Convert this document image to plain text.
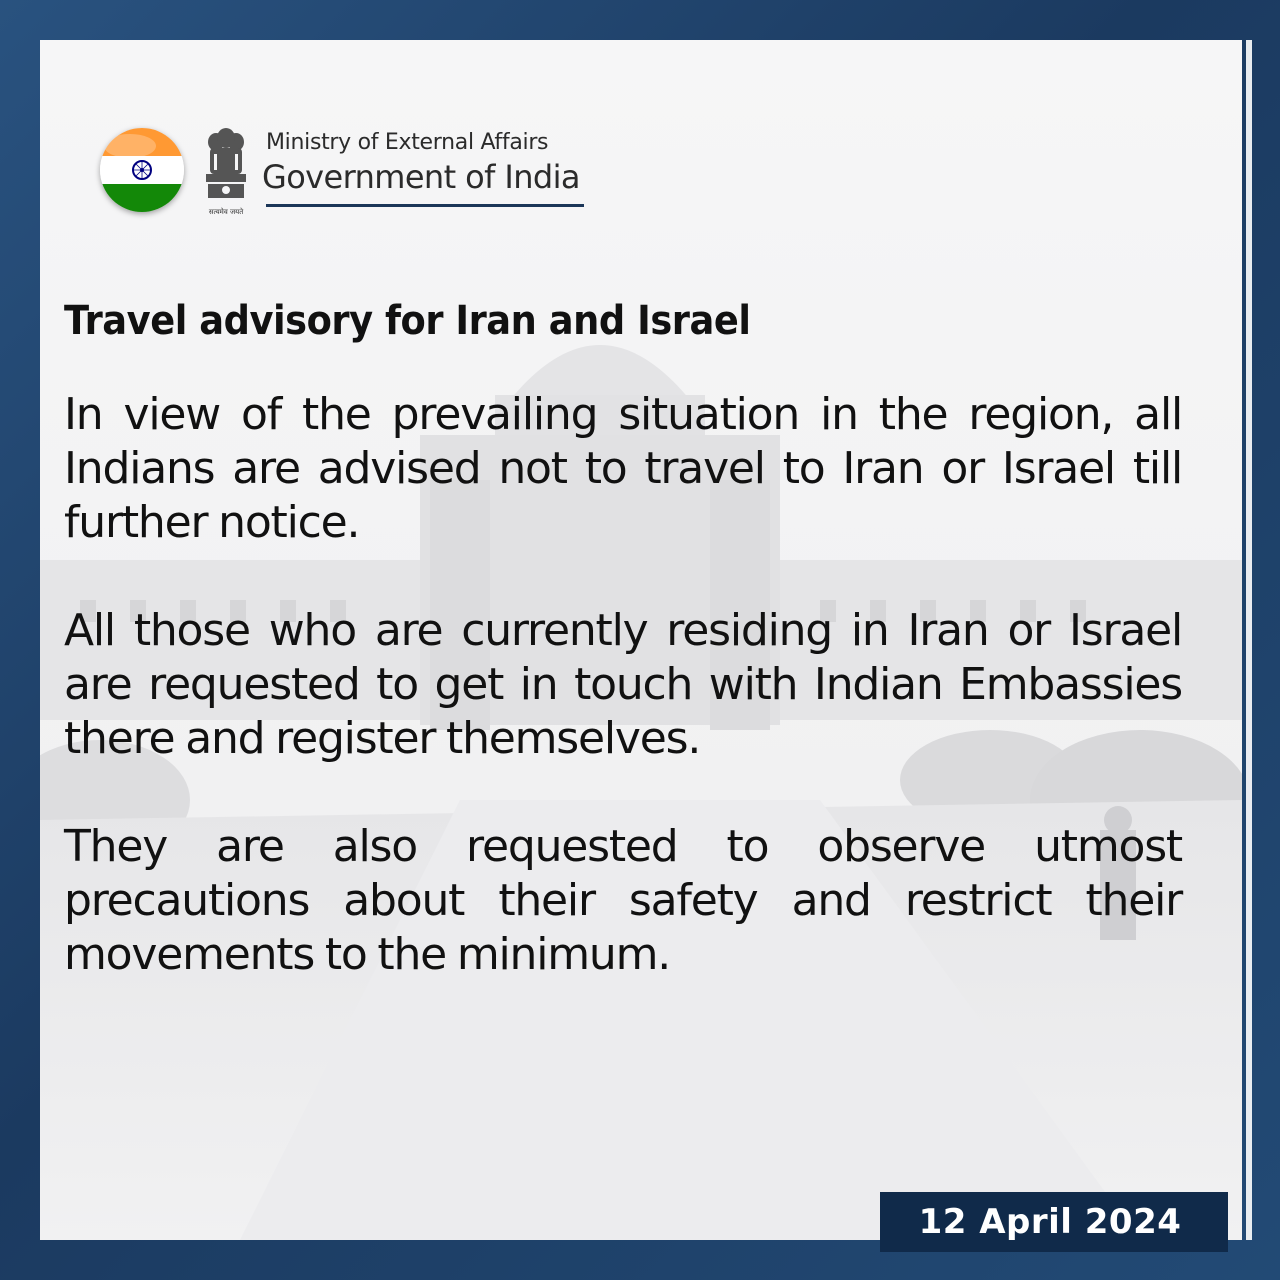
सत्यमेव जयते
Ministry of External Affairs
Government of India
Travel advisory for Iran and Israel

In view of the prevailing situation in the region, all Indians are advised not to travel to Iran or Israel till further notice.

All those who are currently residing in Iran or Israel are requested to get in touch with Indian Embassies there and register themselves.

They are also requested to observe utmost precautions about their safety and restrict their movements to the minimum.

12 April 2024
